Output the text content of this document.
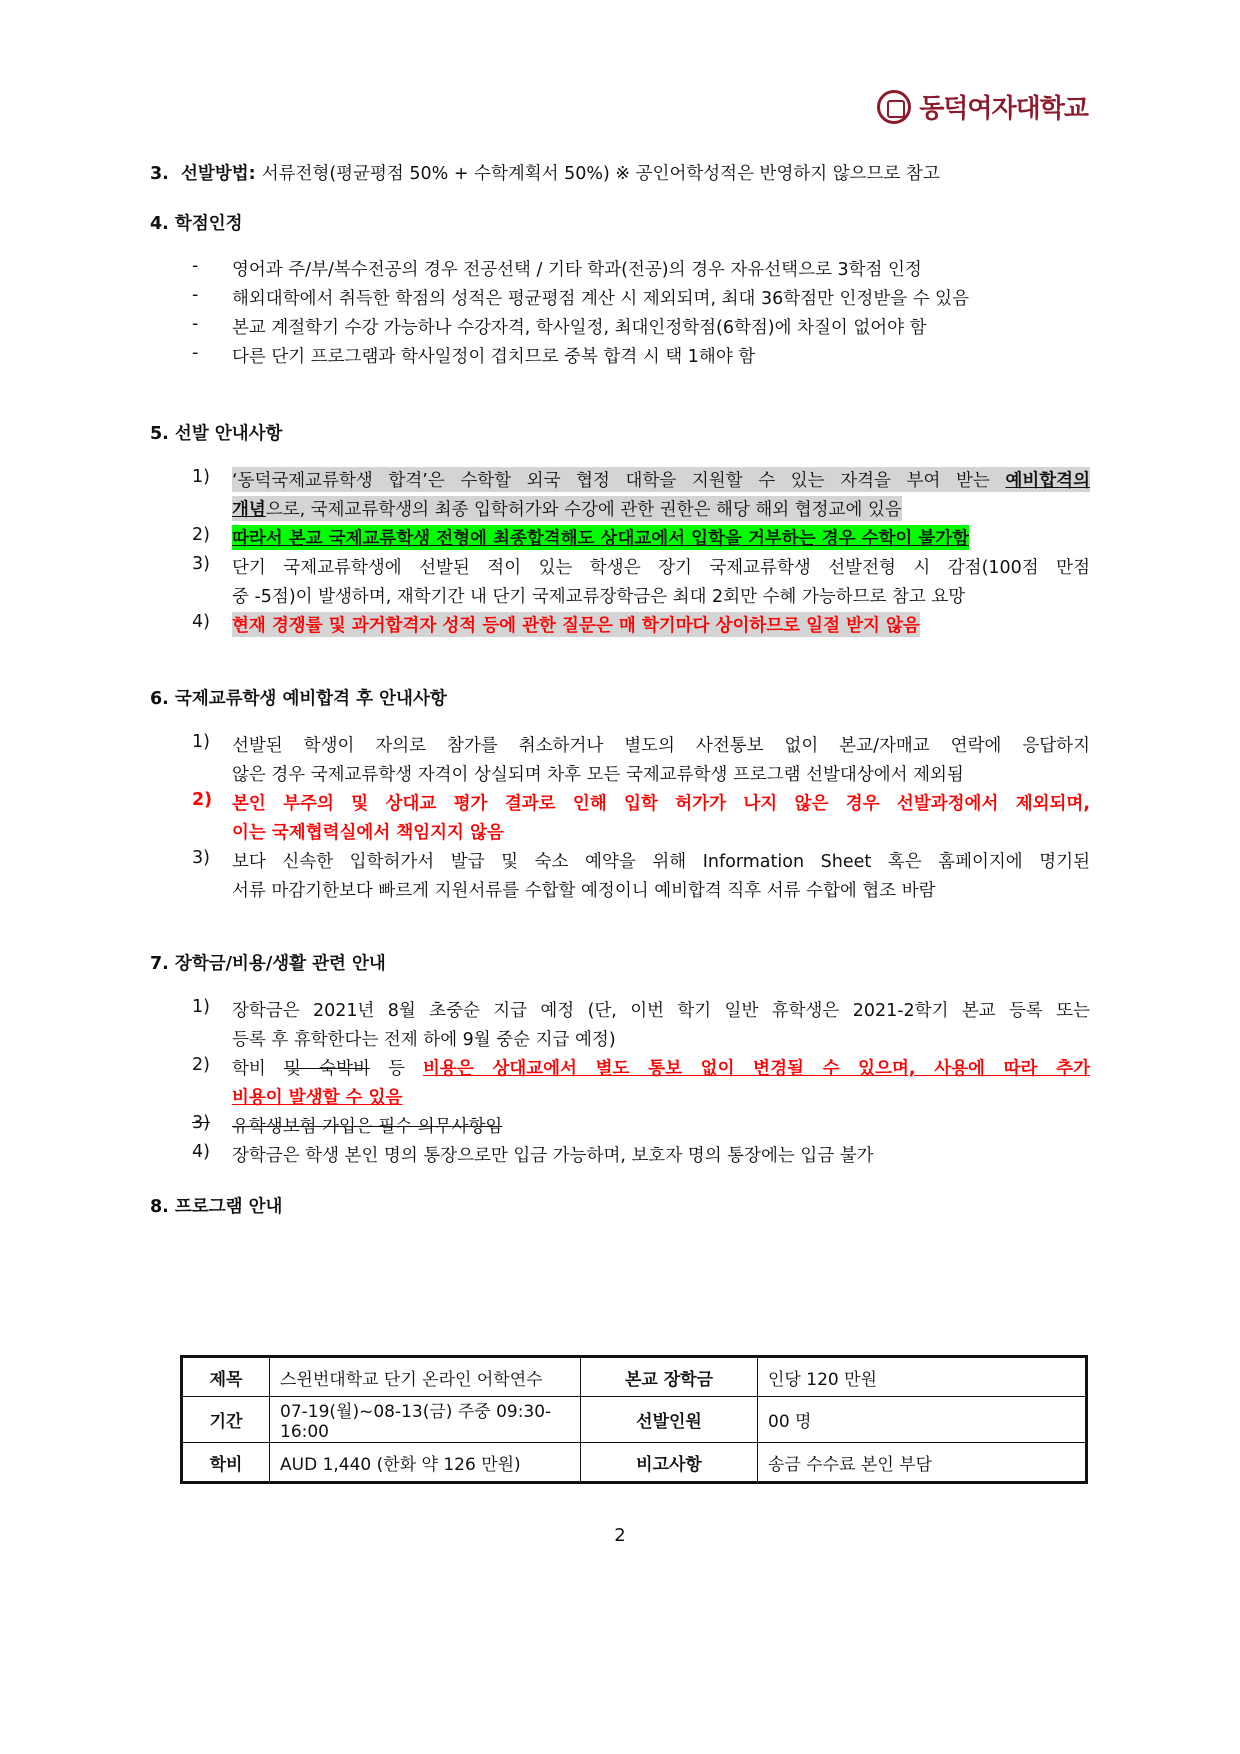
동덕여자대학교
3. 선발방법: 서류전형(평균평점 50% + 수학계획서 50%) ※ 공인어학성적은 반영하지 않으므로 참고
4. 학점인정
- 영어과 주/부/복수전공의 경우 전공선택 / 기타 학과(전공)의 경우 자유선택으로 3학점 인정
- 해외대학에서 취득한 학점의 성적은 평균평점 계산 시 제외되며, 최대 36학점만 인정받을 수 있음
- 본교 계절학기 수강 가능하나 수강자격, 학사일정, 최대인정학점(6학점)에 차질이 없어야 함
- 다른 단기 프로그램과 학사일정이 겹치므로 중복 합격 시 택 1해야 함
5. 선발 안내사항
1) ‘동덕국제교류학생 합격’은 수학할 외국 협정 대학을 지원할 수 있는 자격을 부여 받는 예비합격의
개념으로, 국제교류학생의 최종 입학허가와 수강에 관한 권한은 해당 해외 협정교에 있음
2) 따라서 본교 국제교류학생 전형에 최종합격해도 상대교에서 입학을 거부하는 경우 수학이 불가함
3) 단기 국제교류학생에 선발된 적이 있는 학생은 장기 국제교류학생 선발전형 시 감점(100점 만점
중 -5점)이 발생하며, 재학기간 내 단기 국제교류장학금은 최대 2회만 수혜 가능하므로 참고 요망
4) 현재 경쟁률 및 과거합격자 성적 등에 관한 질문은 매 학기마다 상이하므로 일절 받지 않음
6. 국제교류학생 예비합격 후 안내사항
1) 선발된 학생이 자의로 참가를 취소하거나 별도의 사전통보 없이 본교/자매교 연락에 응답하지
않은 경우 국제교류학생 자격이 상실되며 차후 모든 국제교류학생 프로그램 선발대상에서 제외됨
2) 본인 부주의 및 상대교 평가 결과로 인해 입학 허가가 나지 않은 경우 선발과정에서 제외되며,
이는 국제협력실에서 책임지지 않음
3) 보다 신속한 입학허가서 발급 및 숙소 예약을 위해 Information Sheet 혹은 홈페이지에 명기된
서류 마감기한보다 빠르게 지원서류를 수합할 예정이니 예비합격 직후 서류 수합에 협조 바람
7. 장학금/비용/생활 관련 안내
1) 장학금은 2021년 8월 초중순 지급 예정 (단, 이번 학기 일반 휴학생은 2021-2학기 본교 등록 또는
등록 후 휴학한다는 전제 하에 9월 중순 지급 예정)
2) 학비 및 숙박비 등 비용은 상대교에서 별도 통보 없이 변경될 수 있으며, 사용에 따라 추가
비용이 발생할 수 있음
3) 유학생보험 가입은 필수 의무사항임
4) 장학금은 학생 본인 명의 통장으로만 입금 가능하며, 보호자 명의 통장에는 입금 불가
8. 프로그램 안내
제목	스윈번대학교 단기 온라인 어학연수	본교 장학금	인당 120 만원
기간	07-19(월)~08-13(금) 주중 09:30-16:00	선발인원	00 명
학비	AUD 1,440 (한화 약 126 만원)	비고사항	송금 수수료 본인 부담
2
